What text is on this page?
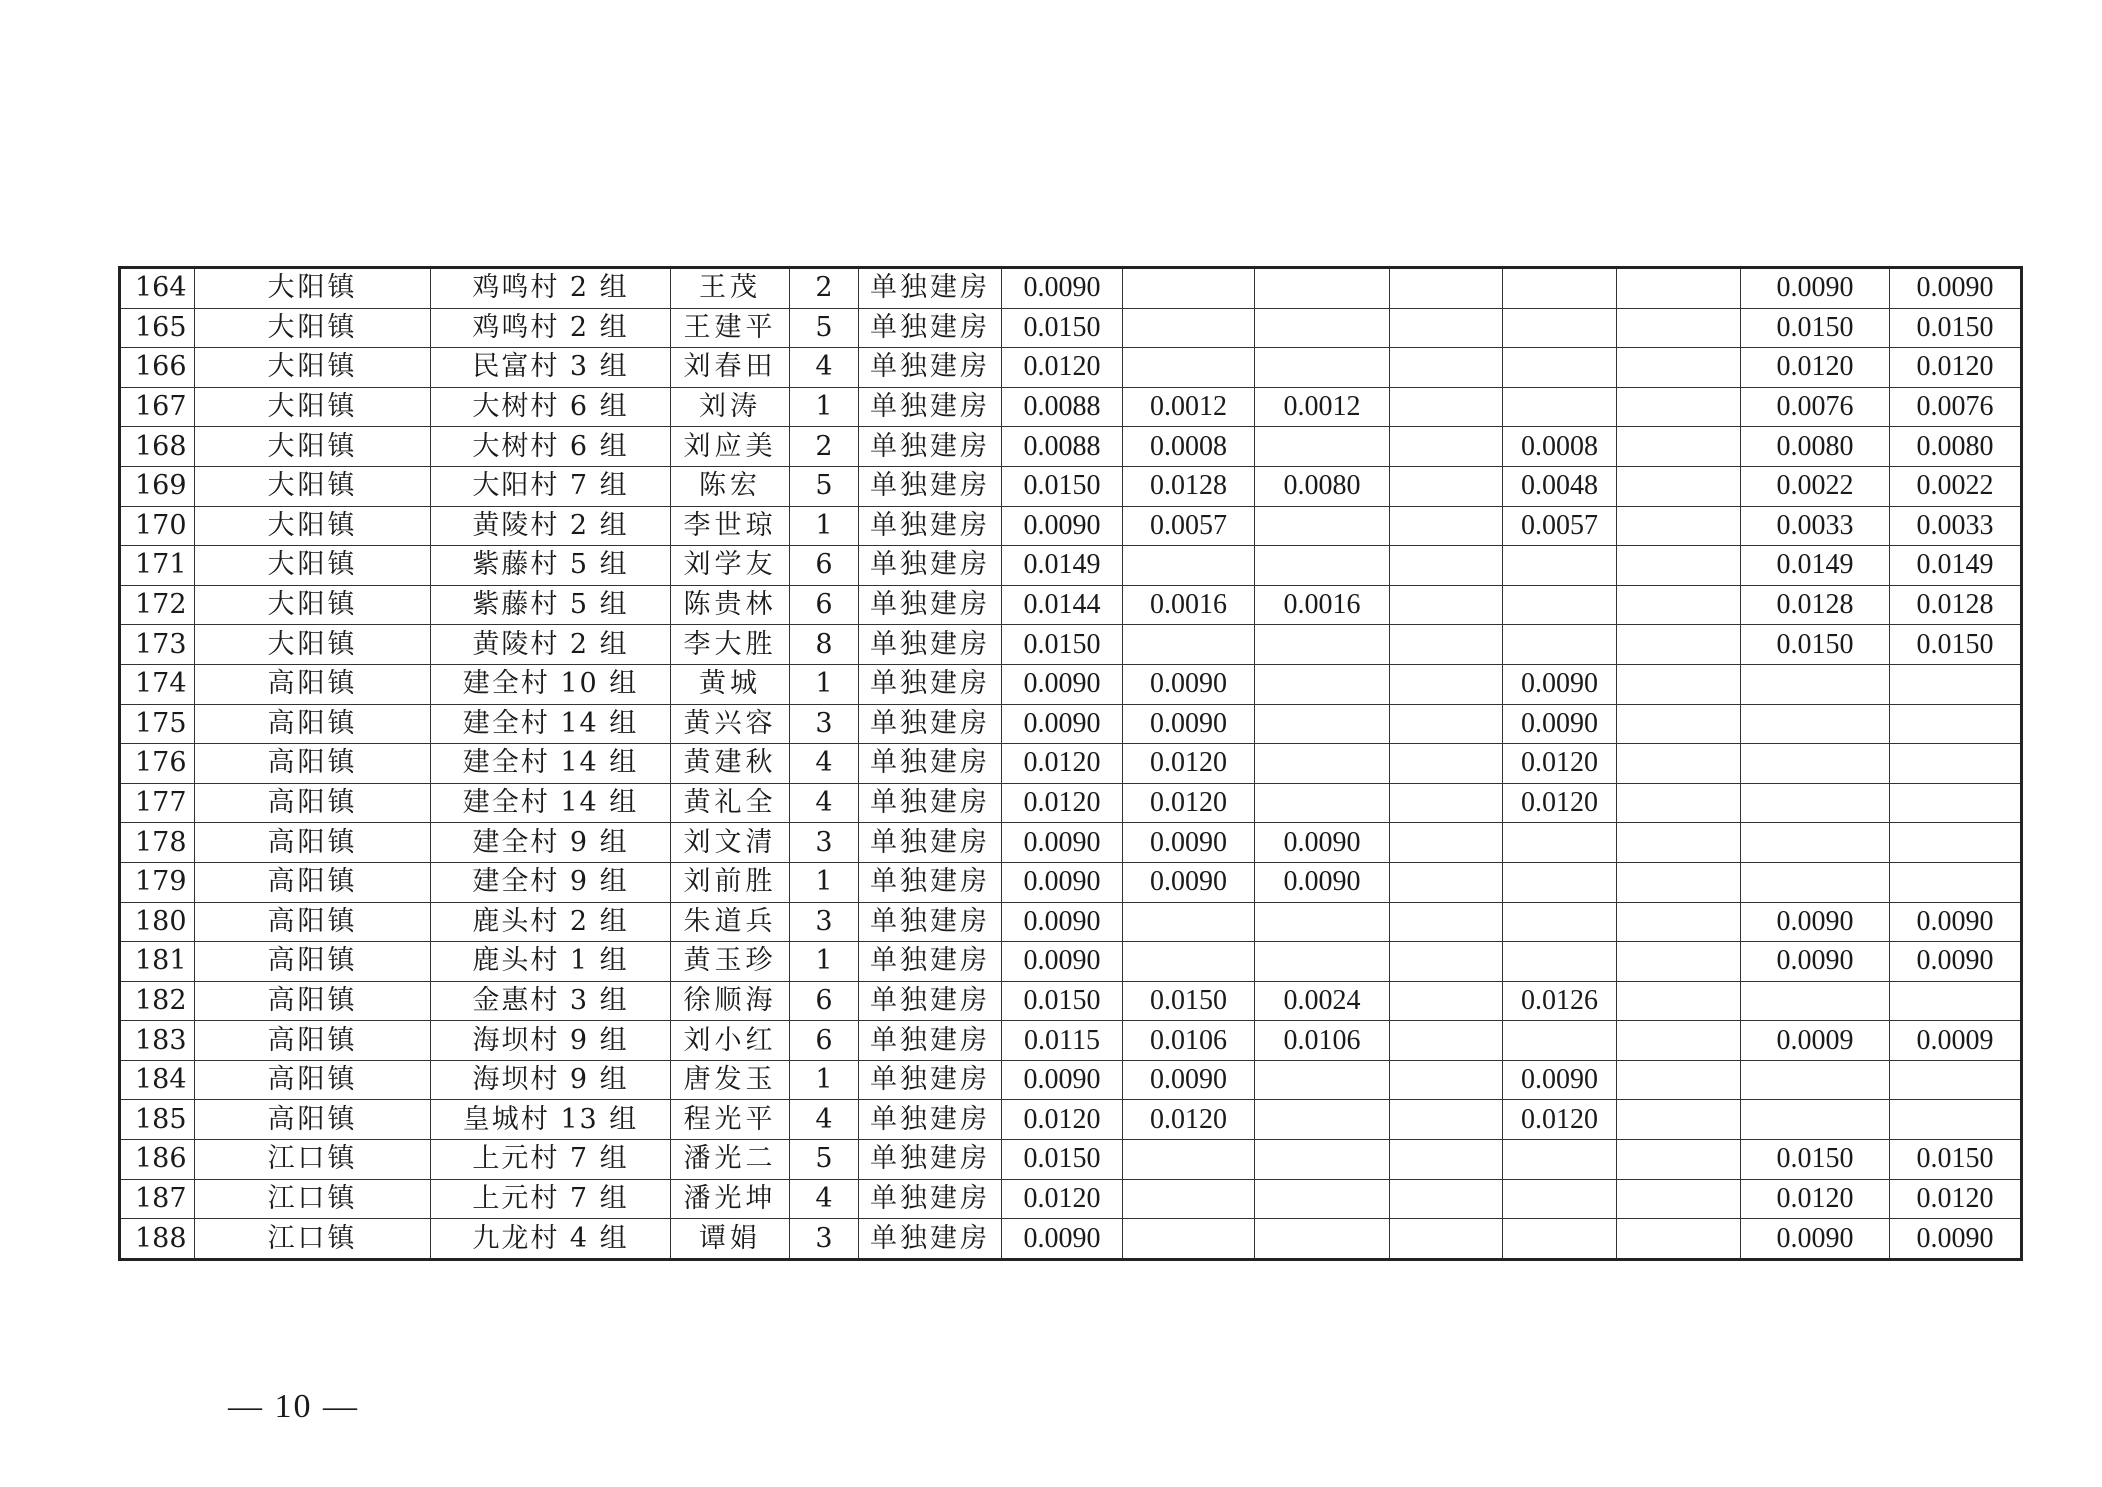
164	大阳镇	鸡鸣村 2 组	王茂	2	单独建房	0.0090						0.0090	0.0090
165	大阳镇	鸡鸣村 2 组	王建平	5	单独建房	0.0150						0.0150	0.0150
166	大阳镇	民富村 3 组	刘春田	4	单独建房	0.0120						0.0120	0.0120
167	大阳镇	大树村 6 组	刘涛	1	单独建房	0.0088	0.0012	0.0012				0.0076	0.0076
168	大阳镇	大树村 6 组	刘应美	2	单独建房	0.0088	0.0008			0.0008		0.0080	0.0080
169	大阳镇	大阳村 7 组	陈宏	5	单独建房	0.0150	0.0128	0.0080		0.0048		0.0022	0.0022
170	大阳镇	黄陵村 2 组	李世琼	1	单独建房	0.0090	0.0057			0.0057		0.0033	0.0033
171	大阳镇	紫藤村 5 组	刘学友	6	单独建房	0.0149						0.0149	0.0149
172	大阳镇	紫藤村 5 组	陈贵林	6	单独建房	0.0144	0.0016	0.0016				0.0128	0.0128
173	大阳镇	黄陵村 2 组	李大胜	8	单独建房	0.0150						0.0150	0.0150
174	高阳镇	建全村 10 组	黄城	1	单独建房	0.0090	0.0090			0.0090			
175	高阳镇	建全村 14 组	黄兴容	3	单独建房	0.0090	0.0090			0.0090			
176	高阳镇	建全村 14 组	黄建秋	4	单独建房	0.0120	0.0120			0.0120			
177	高阳镇	建全村 14 组	黄礼全	4	单独建房	0.0120	0.0120			0.0120			
178	高阳镇	建全村 9 组	刘文清	3	单独建房	0.0090	0.0090	0.0090					
179	高阳镇	建全村 9 组	刘前胜	1	单独建房	0.0090	0.0090	0.0090					
180	高阳镇	鹿头村 2 组	朱道兵	3	单独建房	0.0090						0.0090	0.0090
181	高阳镇	鹿头村 1 组	黄玉珍	1	单独建房	0.0090						0.0090	0.0090
182	高阳镇	金惠村 3 组	徐顺海	6	单独建房	0.0150	0.0150	0.0024		0.0126			
183	高阳镇	海坝村 9 组	刘小红	6	单独建房	0.0115	0.0106	0.0106				0.0009	0.0009
184	高阳镇	海坝村 9 组	唐发玉	1	单独建房	0.0090	0.0090			0.0090			
185	高阳镇	皇城村 13 组	程光平	4	单独建房	0.0120	0.0120			0.0120			
186	江口镇	上元村 7 组	潘光二	5	单独建房	0.0150						0.0150	0.0150
187	江口镇	上元村 7 组	潘光坤	4	单独建房	0.0120						0.0120	0.0120
188	江口镇	九龙村 4 组	谭娟	3	单独建房	0.0090						0.0090	0.0090
— 10 —
